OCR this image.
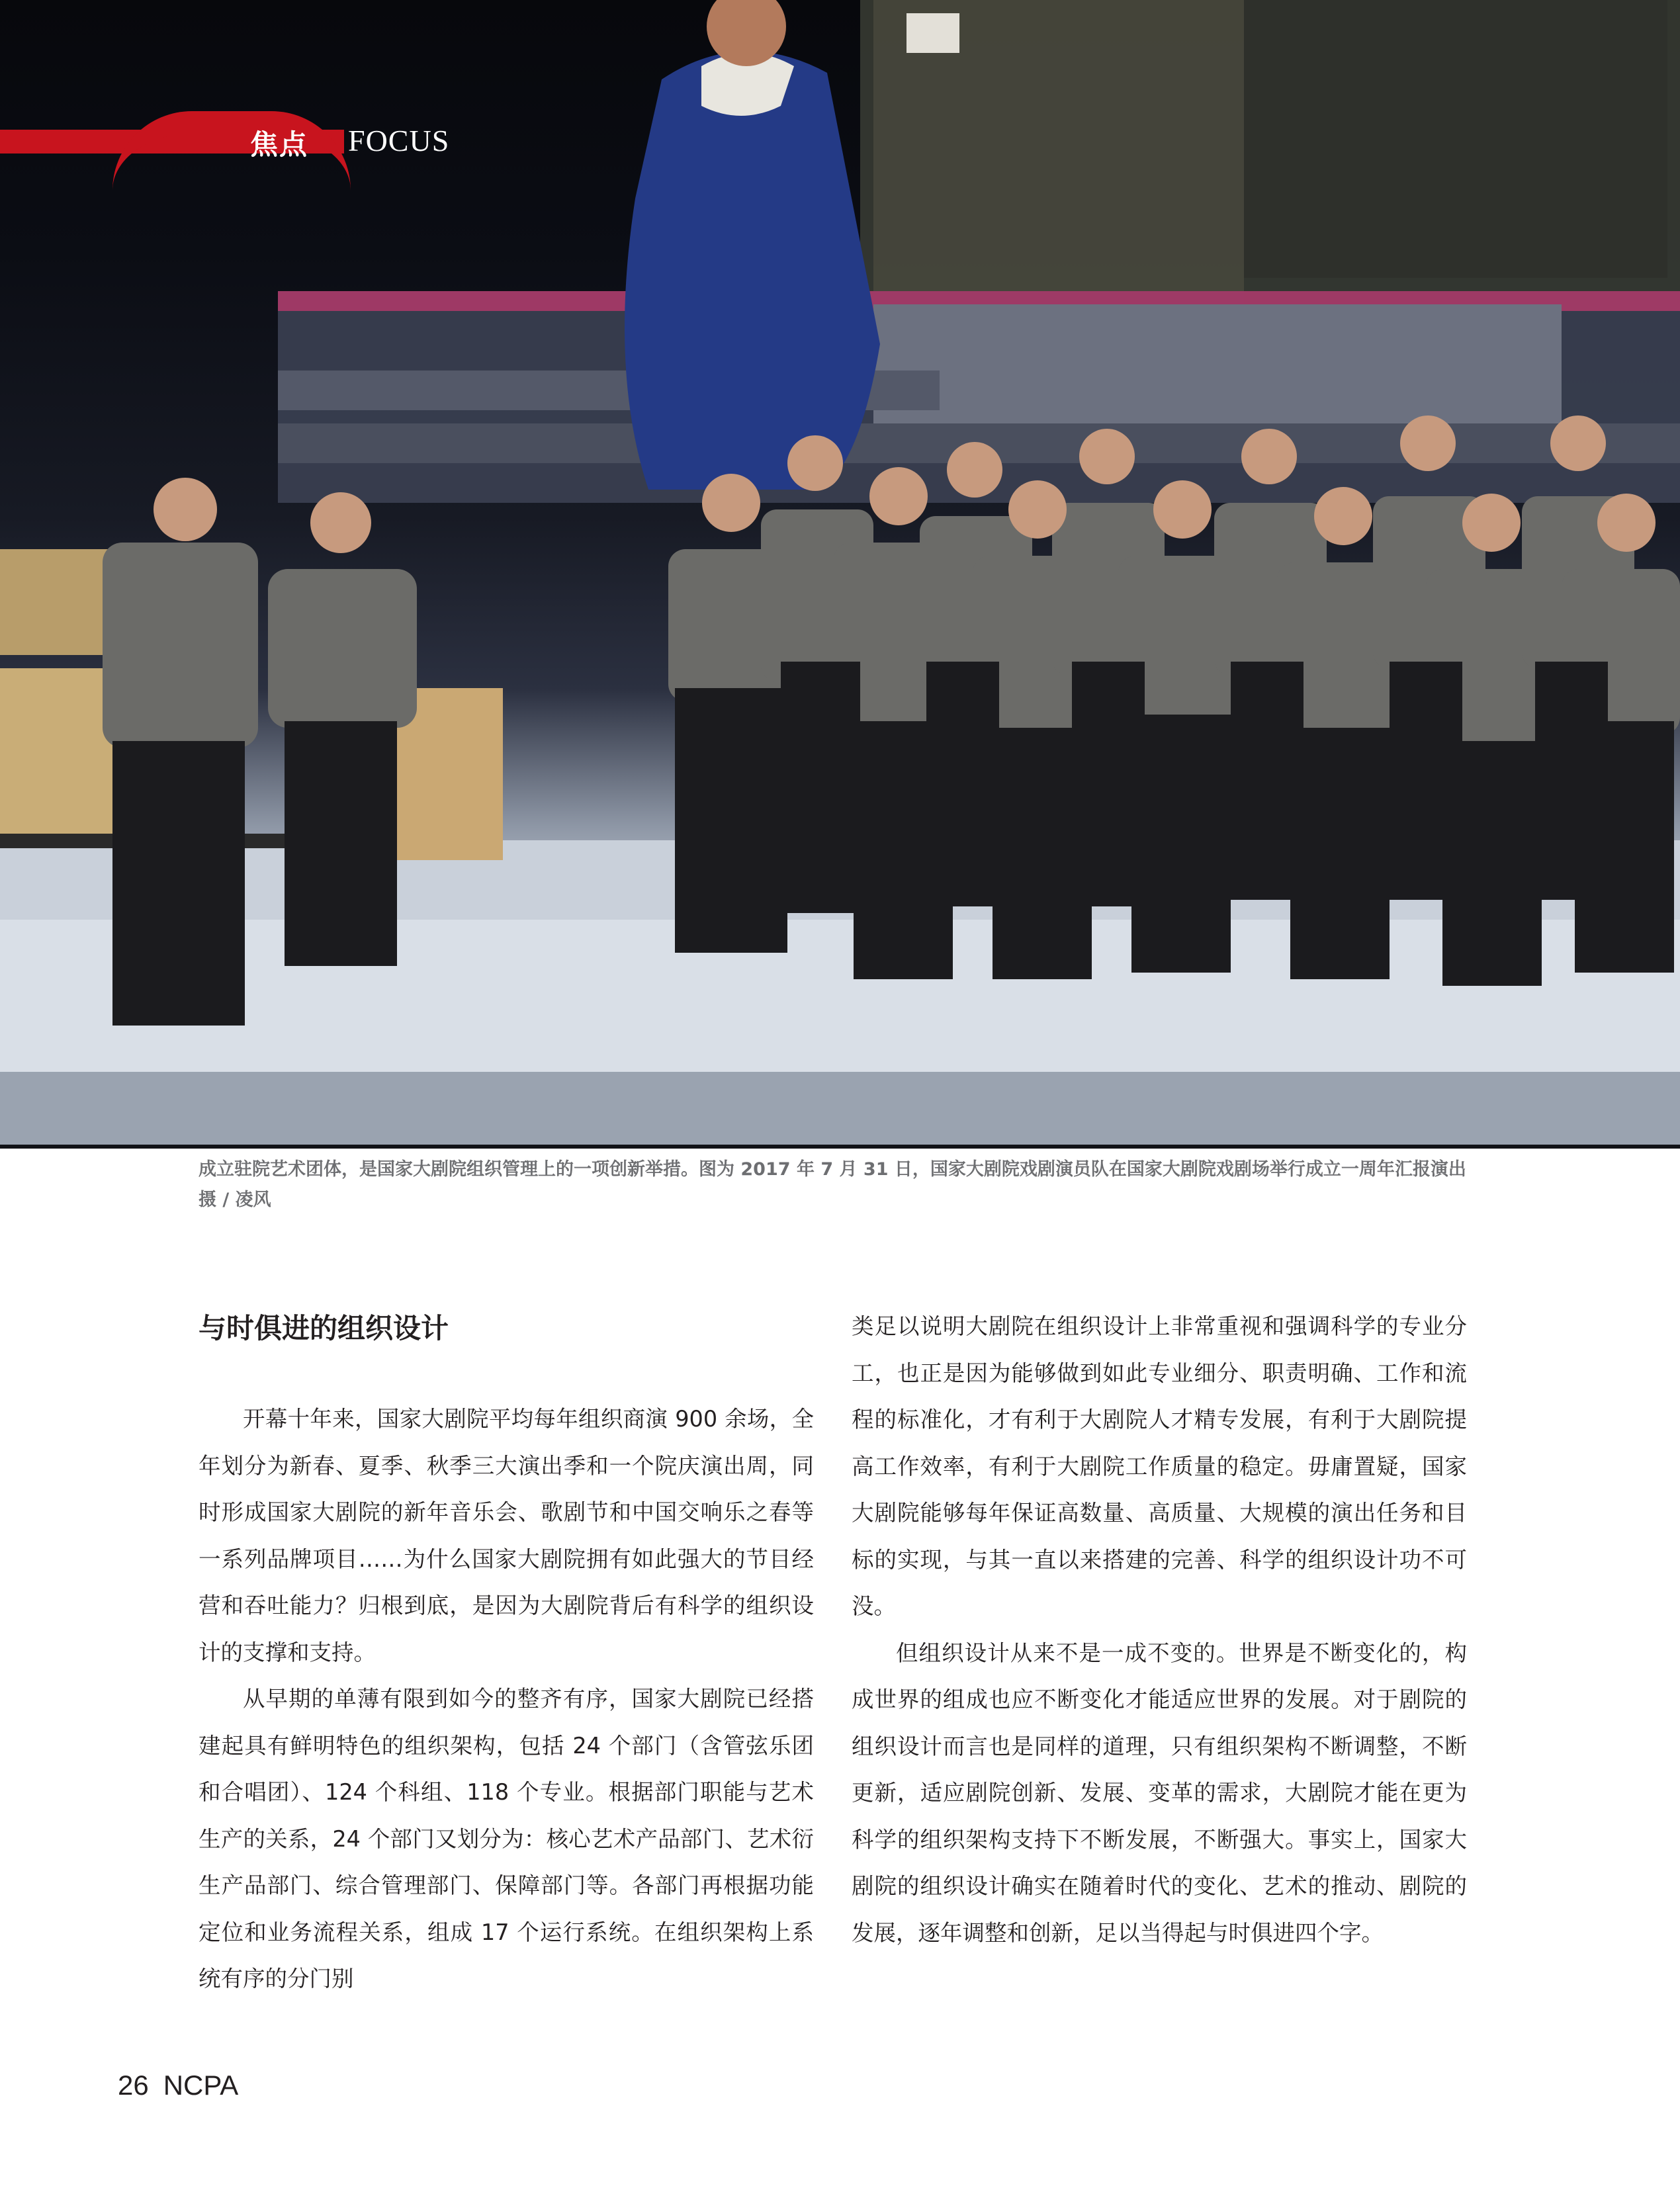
焦点 FOCUS
成立驻院艺术团体，是国家大剧院组织管理上的一项创新举措。图为 2017 年 7 月 31 日，国家大剧院戏剧演员队在国家大剧院戏剧场举行成立一周年汇报演出 摄 / 凌风
与时俱进的组织设计

开幕十年来，国家大剧院平均每年组织商演 900 余场，全年划分为新春、夏季、秋季三大演出季和一个院庆演出周，同时形成国家大剧院的新年音乐会、歌剧节和中国交响乐之春等一系列品牌项目……为什么国家大剧院拥有如此强大的节目经营和吞吐能力？归根到底，是因为大剧院背后有科学的组织设计的支撑和支持。

从早期的单薄有限到如今的整齐有序，国家大剧院已经搭建起具有鲜明特色的组织架构，包括 24 个部门（含管弦乐团和合唱团）、124 个科组、118 个专业。根据部门职能与艺术生产的关系，24 个部门又划分为：核心艺术产品部门、艺术衍生产品部门、综合管理部门、保障部门等。各部门再根据功能定位和业务流程关系，组成 17 个运行系统。在组织架构上系统有序的分门别

类足以说明大剧院在组织设计上非常重视和强调科学的专业分工，也正是因为能够做到如此专业细分、职责明确、工作和流程的标准化，才有利于大剧院人才精专发展，有利于大剧院提高工作效率，有利于大剧院工作质量的稳定。毋庸置疑，国家大剧院能够每年保证高数量、高质量、大规模的演出任务和目标的实现，与其一直以来搭建的完善、科学的组织设计功不可没。

但组织设计从来不是一成不变的。世界是不断变化的，构成世界的组成也应不断变化才能适应世界的发展。对于剧院的组织设计而言也是同样的道理，只有组织架构不断调整，不断更新，适应剧院创新、发展、变革的需求，大剧院才能在更为科学的组织架构支持下不断发展，不断强大。事实上，国家大剧院的组织设计确实在随着时代的变化、艺术的推动、剧院的发展，逐年调整和创新，足以当得起与时俱进四个字。

26 NCPA
